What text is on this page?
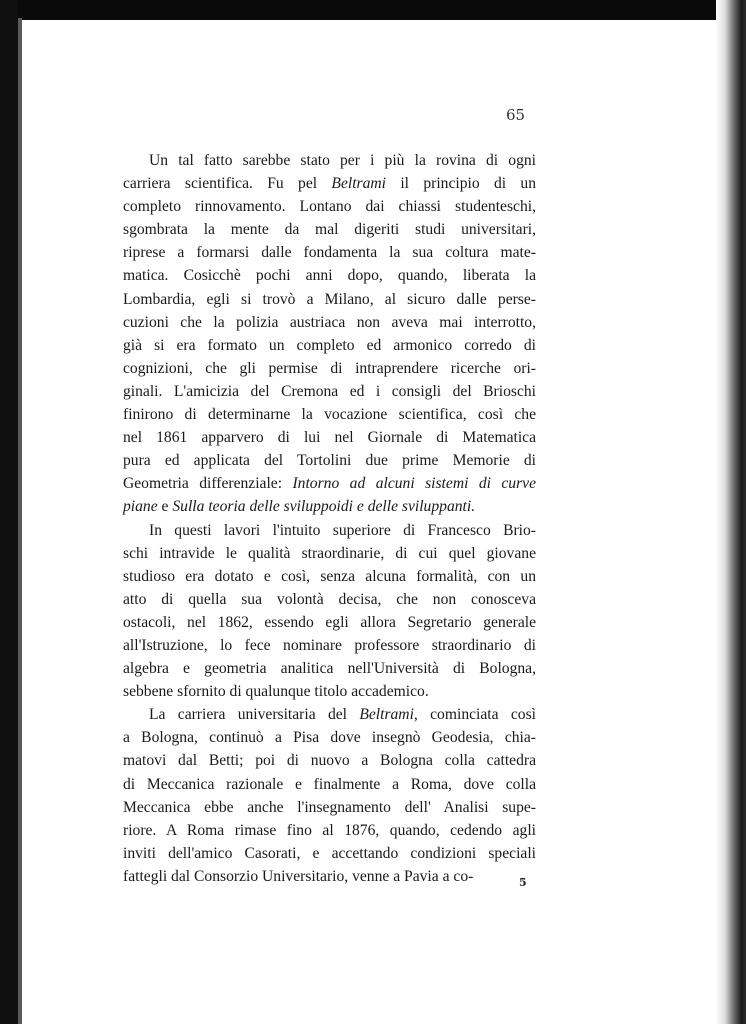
65
Un tal fatto sarebbe stato per i più la rovina di ogni
carriera scientifica. Fu pel Beltrami il principio di un
completo rinnovamento. Lontano dai chiassi studenteschi,
sgombrata la mente da mal digeriti studi universitari,
riprese a formarsi dalle fondamenta la sua coltura mate-
matica. Cosicchè pochi anni dopo, quando, liberata la
Lombardia, egli si trovò a Milano, al sicuro dalle perse-
cuzioni che la polizia austriaca non aveva mai interrotto,
già si era formato un completo ed armonico corredo di
cognizioni, che gli permise di intraprendere ricerche ori-
ginali. L'amicizia del Cremona ed i consigli del Brioschi
finirono di determinarne la vocazione scientifica, così che
nel 1861 apparvero di lui nel Giornale di Matematica
pura ed applicata del Tortolini due prime Memorie di
Geometria differenziale: Intorno ad alcuni sistemi di curve
piane e Sulla teoria delle sviluppoidi e delle sviluppanti.
In questi lavori l'intuito superiore di Francesco Brio-
schi intravide le qualità straordinarie, di cui quel giovane
studioso era dotato e così, senza alcuna formalità, con un
atto di quella sua volontà decisa, che non conosceva
ostacoli, nel 1862, essendo egli allora Segretario generale
all'Istruzione, lo fece nominare professore straordinario di
algebra e geometria analitica nell'Università di Bologna,
sebbene sfornito di qualunque titolo accademico.
La carriera universitaria del Beltrami, cominciata così
a Bologna, continuò a Pisa dove insegnò Geodesia, chia-
matovi dal Betti; poi di nuovo a Bologna colla cattedra
di Meccanica razionale e finalmente a Roma, dove colla
Meccanica ebbe anche l'insegnamento dell' Analisi supe-
riore. A Roma rimase fino al 1876, quando, cedendo agli
inviti dell'amico Casorati, e accettando condizioni speciali
fattegli dal Consorzio Universitario, venne a Pavia a co-	5
